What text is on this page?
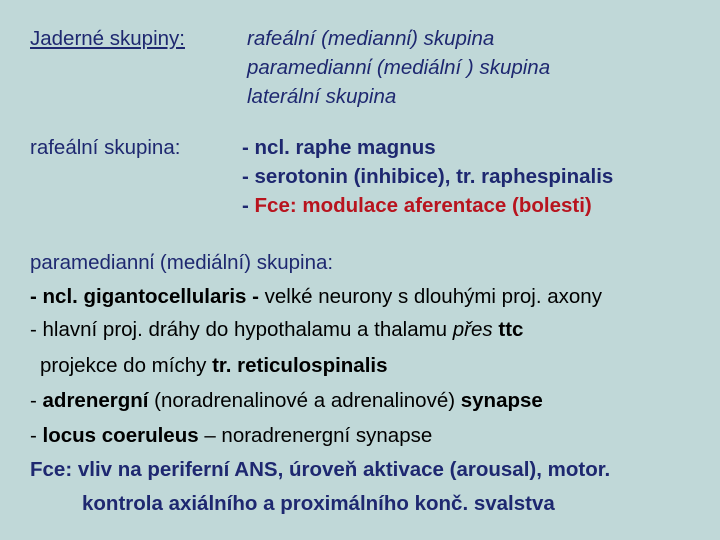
Jaderné skupiny:	rafeální (mediannί) skupina
paramediannί (mediální ) skupina
laterální skupina
rafeální skupina:	- ncl. raphe magnus
- serotonin (inhibice), tr. raphespinalis
- Fce: modulace aferentace (bolesti)
paramediannί (mediální) skupina:
- ncl. gigantocellularis - velké neurony s dlouhými proj. axony
- hlavní proj. dráhy do hypothalamu a thalamu přes ttc
projekce do míchy tr. reticulospinalis
- adrenergní (noradrenalinové a adrenalinové) synapse
- locus coeruleus – noradrenergní synapse
Fce: vliv na periferní ANS, úroveň aktivace (arousal), motor.
kontrola axiálního a proximálního konč. svalstva
